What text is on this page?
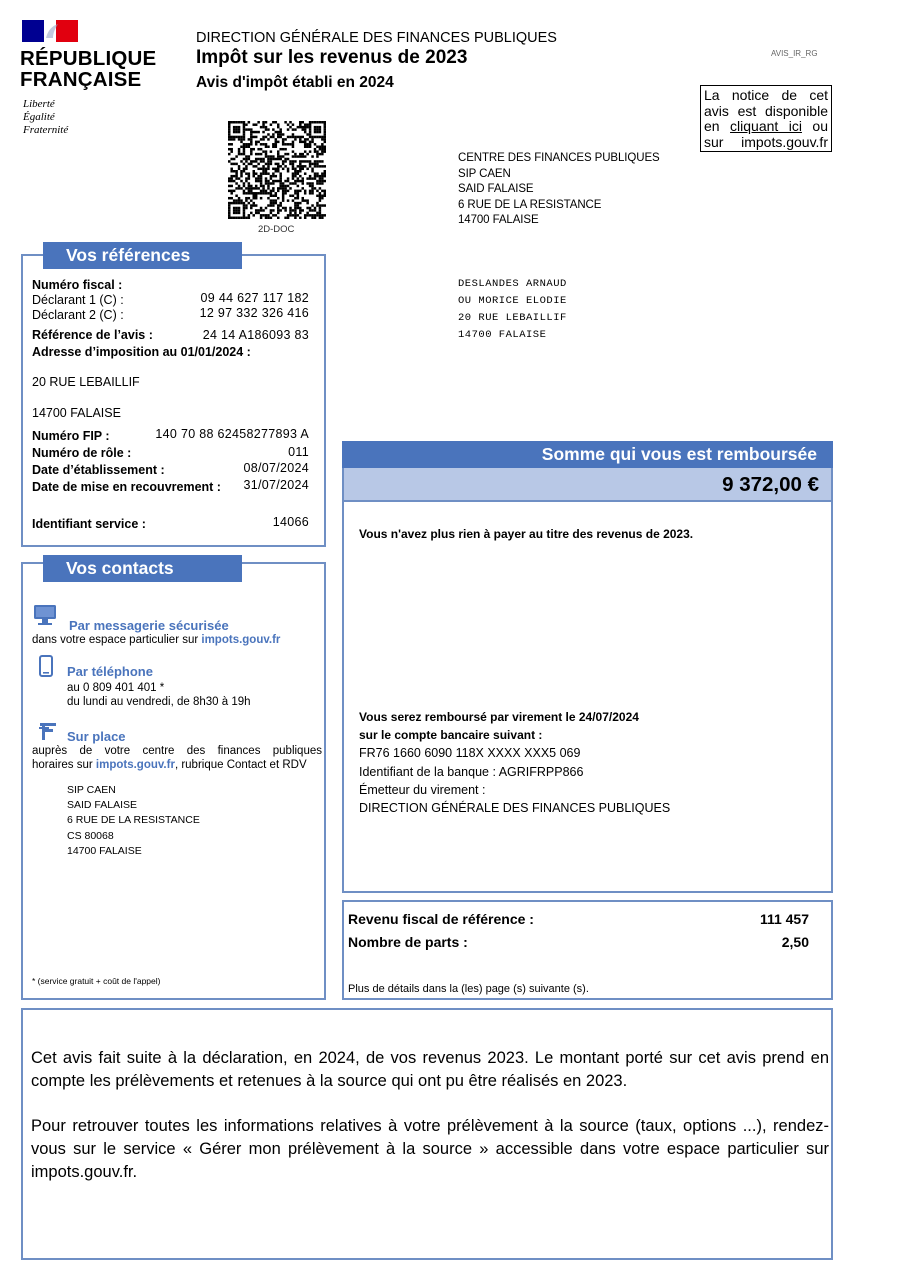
RÉPUBLIQUE
FRANÇAISE
Liberté
Égalité
Fraternité
DIRECTION GÉNÉRALE DES FINANCES PUBLIQUES
Impôt sur les revenus de 2023
Avis d'impôt établi en 2024
AVIS_IR_RG
La notice de cet
avis est disponible
en cliquant ici ou
sur impots.gouv.fr
2D-DOC
CENTRE DES FINANCES PUBLIQUES
SIP CAEN
SAID FALAISE
6 RUE DE LA RESISTANCE
14700 FALAISE
DESLANDES ARNAUD
OU MORICE ELODIE
20 RUE LEBAILLIF
14700 FALAISE
Vos références
Numéro fiscal :
Déclarant 1 (C) :	09 44 627 117 182
Déclarant 2 (C) :	12 97 332 326 416
Référence de l’avis :	24 14 A186093 83
Adresse d’imposition au 01/01/2024 :
20 RUE LEBAILLIF
14700 FALAISE
Numéro FIP :	140 70 88 62458277893 A
Numéro de rôle :	011
Date d’établissement :	08/07/2024
Date de mise en recouvrement : 31/07/2024
Identifiant service :	14066
Vos contacts
Par messagerie sécurisée
dans votre espace particulier sur impots.gouv.fr
Par téléphone
au 0 809 401 401 *
du lundi au vendredi, de 8h30 à 19h
Sur place
auprès de votre centre des finances publiques
horaires sur impots.gouv.fr, rubrique Contact et RDV
SIP CAEN
SAID FALAISE
6 RUE DE LA RESISTANCE
CS 80068
14700 FALAISE
* (service gratuit + coût de l'appel)
Somme qui vous est remboursée
9 372,00 €
Vous n'avez plus rien à payer au titre des revenus de 2023.
Vous serez remboursé par virement le 24/07/2024
sur le compte bancaire suivant :
FR76 1660 6090 118X XXXX XXX5 069
Identifiant de la banque : AGRIFRPP866
Émetteur du virement :
DIRECTION GÉNÉRALE DES FINANCES PUBLIQUES
Revenu fiscal de référence :	111 457
Nombre de parts :	2,50
Plus de détails dans la (les) page (s) suivante (s).
Cet avis fait suite à la déclaration, en 2024, de vos revenus 2023. Le montant porté sur cet avis prend en compte les prélèvements et retenues à la source qui ont pu être réalisés en 2023.
Pour retrouver toutes les informations relatives à votre prélèvement à la source (taux, options ...), rendez-vous sur le service « Gérer mon prélèvement à la source » accessible dans votre espace particulier sur impots.gouv.fr.
